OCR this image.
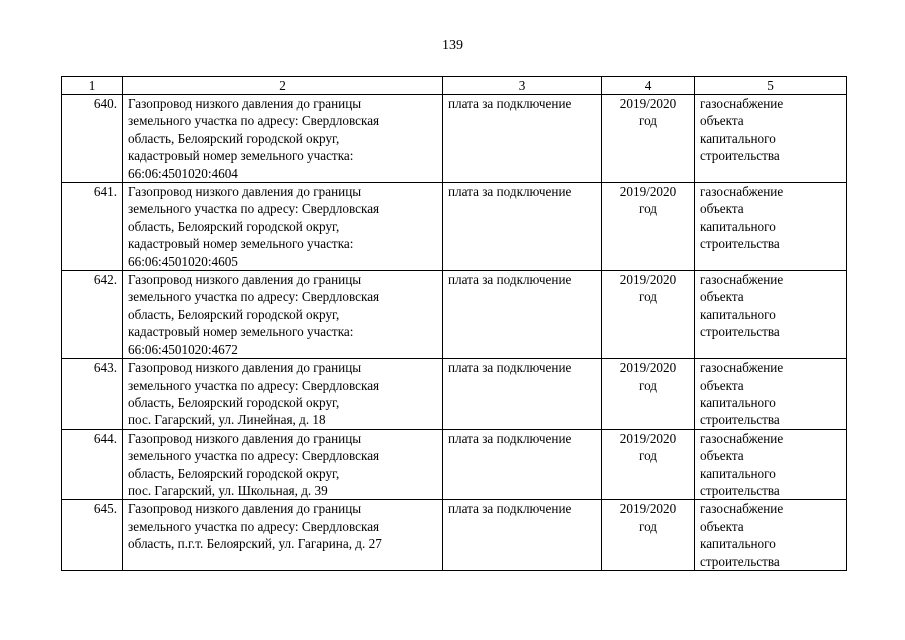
139
1	2	3	4	5
640.	Газопровод низкого давления до границы
земельного участка по адресу: Свердловская
область, Белоярский городской округ,
кадастровый номер земельного участка:
66:06:4501020:4604	плата за подключение	2019/2020
год	газоснабжение
объекта
капитального
строительства

641.	Газопровод низкого давления до границы
земельного участка по адресу: Свердловская
область, Белоярский городской округ,
кадастровый номер земельного участка:
66:06:4501020:4605	плата за подключение	2019/2020
год	газоснабжение
объекта
капитального
строительства

642.	Газопровод низкого давления до границы
земельного участка по адресу: Свердловская
область, Белоярский городской округ,
кадастровый номер земельного участка:
66:06:4501020:4672	плата за подключение	2019/2020
год	газоснабжение
объекта
капитального
строительства

643.	Газопровод низкого давления до границы
земельного участка по адресу: Свердловская
область, Белоярский городской округ,
пос. Гагарский, ул. Линейная, д. 18	плата за подключение	2019/2020
год	газоснабжение
объекта
капитального
строительства

644.	Газопровод низкого давления до границы
земельного участка по адресу: Свердловская
область, Белоярский городской округ,
пос. Гагарский, ул. Школьная, д. 39	плата за подключение	2019/2020
год	газоснабжение
объекта
капитального
строительства

645.	Газопровод низкого давления до границы
земельного участка по адресу: Свердловская
область, п.г.т. Белоярский, ул. Гагарина, д. 27	плата за подключение	2019/2020
год	газоснабжение
объекта
капитального
строительства
